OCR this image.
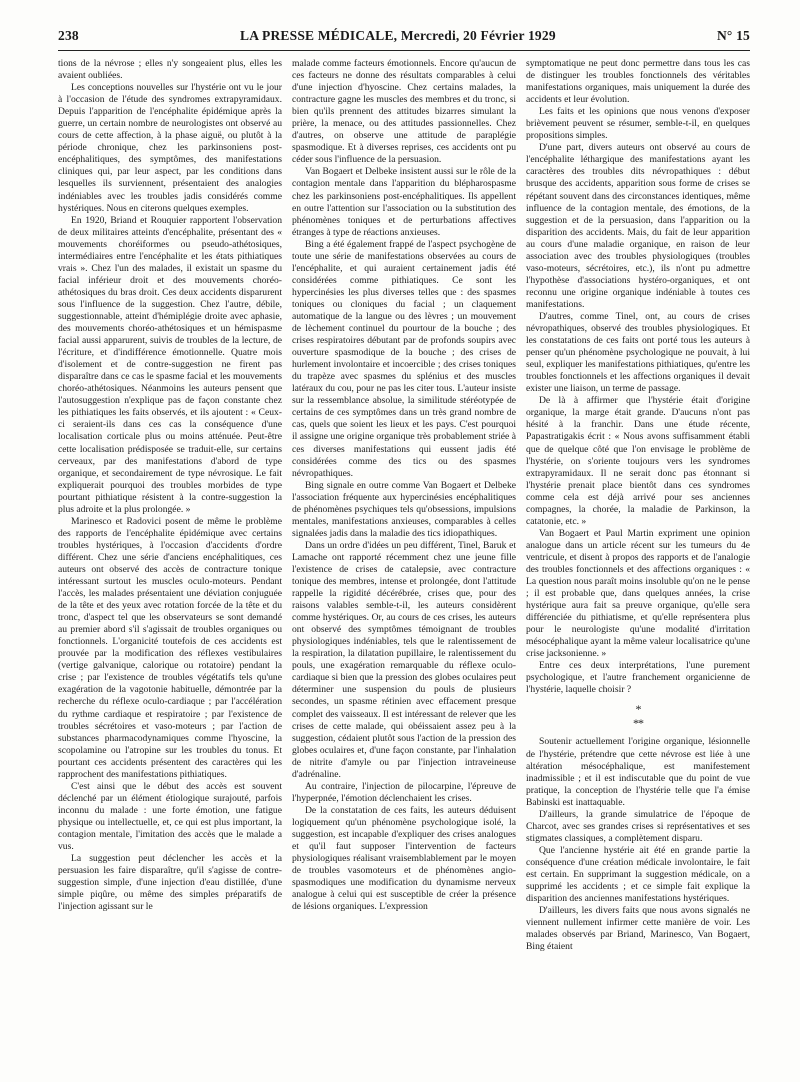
238	LA PRESSE MÉDICALE, Mercredi, 20 Février 1929	N° 15

tions de la névrose ; elles n'y songeaient plus, elles les avaient oubliées.

Les conceptions nouvelles sur l'hystérie ont vu le jour à l'occasion de l'étude des syndromes extrapyramidaux. Depuis l'apparition de l'encéphalite épidémique après la guerre, un certain nombre de neurologistes ont observé au cours de cette affection, à la phase aiguë, ou plutôt à la période chronique, chez les parkinsoniens post-encéphalitiques, des symptômes, des manifestations cliniques qui, par leur aspect, par les conditions dans lesquelles ils surviennent, présentaient des analogies indéniables avec les troubles jadis considérés comme hystériques. Nous en citerons quelques exemples.

En 1920, Briand et Rouquier rapportent l'observation de deux militaires atteints d'encéphalite, présentant des « mouvements choréiformes ou pseudo-athétosiques, intermédiaires entre l'encéphalite et les états pithiatiques vrais ». Chez l'un des malades, il existait un spasme du facial inférieur droit et des mouvements choréo-athétosiques du bras droit. Ces deux accidents disparurent sous l'influence de la suggestion. Chez l'autre, débile, suggestionnable, atteint d'hémiplégie droite avec aphasie, des mouvements choréo-athétosiques et un hémispasme facial aussi apparurent, suivis de troubles de la lecture, de l'écriture, et d'indifférence émotionnelle. Quatre mois d'isolement et de contre-suggestion ne firent pas disparaître dans ce cas le spasme facial et les mouvements choréo-athétosiques. Néanmoins les auteurs pensent que l'autosuggestion n'explique pas de façon constante chez les pithiatiques les faits observés, et ils ajoutent : « Ceux-ci seraient-ils dans ces cas la conséquence d'une localisation corticale plus ou moins atténuée. Peut-être cette localisation prédisposée se traduit-elle, sur certains cerveaux, par des manifestations d'abord de type organique, et secondairement de type névrosique. Le fait expliquerait pourquoi des troubles morbides de type pourtant pithiatique résistent à la contre-suggestion la plus adroite et la plus prolongée. »

Marinesco et Radovici posent de même le problème des rapports de l'encéphalite épidémique avec certains troubles hystériques, à l'occasion d'accidents d'ordre différent. Chez une série d'anciens encéphalitiques, ces auteurs ont observé des accès de contracture tonique intéressant surtout les muscles oculo-moteurs. Pendant l'accès, les malades présentaient une déviation conjuguée de la tête et des yeux avec rotation forcée de la tête et du tronc, d'aspect tel que les observateurs se sont demandé au premier abord s'il s'agissait de troubles organiques ou fonctionnels. L'organicité toutefois de ces accidents est prouvée par la modification des réflexes vestibulaires (vertige galvanique, calorique ou rotatoire) pendant la crise ; par l'existence de troubles végétatifs tels qu'une exagération de la vagotonie habituelle, démontrée par la recherche du réflexe oculo-cardiaque ; par l'accélération du rythme cardiaque et respiratoire ; par l'existence de troubles sécrétoires et vaso-moteurs ; par l'action de substances pharmacodynamiques comme l'hyoscine, la scopolamine ou l'atropine sur les troubles du tonus. Et pourtant ces accidents présentent des caractères qui les rapprochent des manifestations pithiatiques.

C'est ainsi que le début des accès est souvent déclenché par un élément étiologique surajouté, parfois inconnu du malade : une forte émotion, une fatigue physique ou intellectuelle, et, ce qui est plus important, la contagion mentale, l'imitation des accès que le malade a vus.

La suggestion peut déclencher les accès et la persuasion les faire disparaître, qu'il s'agisse de contre-suggestion simple, d'une injection d'eau distillée, d'une simple piqûre, ou même des simples préparatifs de l'injection agissant sur le

malade comme facteurs émotionnels. Encore qu'aucun de ces facteurs ne donne des résultats comparables à celui d'une injection d'hyoscine. Chez certains malades, la contracture gagne les muscles des membres et du tronc, si bien qu'ils prennent des attitudes bizarres simulant la prière, la menace, ou des attitudes passionnelles. Chez d'autres, on observe une attitude de paraplégie spasmodique. Et à diverses reprises, ces accidents ont pu céder sous l'influence de la persuasion.

Van Bogaert et Delbeke insistent aussi sur le rôle de la contagion mentale dans l'apparition du blépharospasme chez les parkinsoniens post-encéphalitiques. Ils appellent en outre l'attention sur l'association ou la substitution des phénomènes toniques et de perturbations affectives étranges à type de réactions anxieuses.

Bing a été également frappé de l'aspect psychogène de toute une série de manifestations observées au cours de l'encéphalite, et qui auraient certainement jadis été considérées comme pithiatiques. Ce sont les hypercinésies les plus diverses telles que : des spasmes toniques ou cloniques du facial ; un claquement automatique de la langue ou des lèvres ; un mouvement de lèchement continuel du pourtour de la bouche ; des crises respiratoires débutant par de profonds soupirs avec ouverture spasmodique de la bouche ; des crises de hurlement involontaire et incoercible ; des crises toniques du trapèze avec spasmes du splénius et des muscles latéraux du cou, pour ne pas les citer tous. L'auteur insiste sur la ressemblance absolue, la similitude stéréotypée de certains de ces symptômes dans un très grand nombre de cas, quels que soient les lieux et les pays. C'est pourquoi il assigne une origine organique très probablement striée à ces diverses manifestations qui eussent jadis été considérées comme des tics ou des spasmes névropathiques.

Bing signale en outre comme Van Bogaert et Delbeke l'association fréquente aux hypercinésies encéphalitiques de phénomènes psychiques tels qu'obsessions, impulsions mentales, manifestations anxieuses, comparables à celles signalées jadis dans la maladie des tics idiopathiques.

Dans un ordre d'idées un peu différent, Tinel, Baruk et Lamache ont rapporté récemment chez une jeune fille l'existence de crises de catalepsie, avec contracture tonique des membres, intense et prolongée, dont l'attitude rappelle la rigidité décérébrée, crises que, pour des raisons valables semble-t-il, les auteurs considèrent comme hystériques. Or, au cours de ces crises, les auteurs ont observé des symptômes témoignant de troubles physiologiques indéniables, tels que le ralentissement de la respiration, la dilatation pupillaire, le ralentissement du pouls, une exagération remarquable du réflexe oculo-cardiaque si bien que la pression des globes oculaires peut déterminer une suspension du pouls de plusieurs secondes, un spasme rétinien avec effacement presque complet des vaisseaux. Il est intéressant de relever que les crises de cette malade, qui obéissaient assez peu à la suggestion, cédaient plutôt sous l'action de la pression des globes oculaires et, d'une façon constante, par l'inhalation de nitrite d'amyle ou par l'injection intraveineuse d'adrénaline.

Au contraire, l'injection de pilocarpine, l'épreuve de l'hyperpnée, l'émotion déclenchaient les crises.

De la constatation de ces faits, les auteurs déduisent logiquement qu'un phénomène psychologique isolé, la suggestion, est incapable d'expliquer des crises analogues et qu'il faut supposer l'intervention de facteurs physiologiques réalisant vraisemblablement par le moyen de troubles vasomoteurs et de phénomènes angio-spasmodiques une modification du dynamisme nerveux analogue à celui qui est susceptible de créer la présence de lésions organiques. L'expression

symptomatique ne peut donc permettre dans tous les cas de distinguer les troubles fonctionnels des véritables manifestations organiques, mais uniquement la durée des accidents et leur évolution.

Les faits et les opinions que nous venons d'exposer brièvement peuvent se résumer, semble-t-il, en quelques propositions simples.

D'une part, divers auteurs ont observé au cours de l'encéphalite léthargique des manifestations ayant les caractères des troubles dits névropathiques : début brusque des accidents, apparition sous forme de crises se répétant souvent dans des circonstances identiques, même influence de la contagion mentale, des émotions, de la suggestion et de la persuasion, dans l'apparition ou la disparition des accidents. Mais, du fait de leur apparition au cours d'une maladie organique, en raison de leur association avec des troubles physiologiques (troubles vaso-moteurs, sécrétoires, etc.), ils n'ont pu admettre l'hypothèse d'associations hystéro-organiques, et ont reconnu une origine organique indéniable à toutes ces manifestations.

D'autres, comme Tinel, ont, au cours de crises névropathiques, observé des troubles physiologiques. Et les constatations de ces faits ont porté tous les auteurs à penser qu'un phénomène psychologique ne pouvait, à lui seul, expliquer les manifestations pithiatiques, qu'entre les troubles fonctionnels et les affections organiques il devait exister une liaison, un terme de passage.

De là à affirmer que l'hystérie était d'origine organique, la marge était grande. D'aucuns n'ont pas hésité à la franchir. Dans une étude récente, Papastratigakis écrit : « Nous avons suffisamment établi que de quelque côté que l'on envisage le problème de l'hystérie, on s'oriente toujours vers les syndromes extrapyramidaux. Il ne serait donc pas étonnant si l'hystérie prenait place bientôt dans ces syndromes comme cela est déjà arrivé pour ses anciennes compagnes, la chorée, la maladie de Parkinson, la catatonie, etc. »

Van Bogaert et Paul Martin expriment une opinion analogue dans un article récent sur les tumeurs du 4e ventricule, et disent à propos des rapports et de l'analogie des troubles fonctionnels et des affections organiques : « La question nous paraît moins insoluble qu'on ne le pense ; il est probable que, dans quelques années, la crise hystérique aura fait sa preuve organique, qu'elle sera différenciée du pithiatisme, et qu'elle représentera plus pour le neurologiste qu'une modalité d'irritation mésocéphalique ayant la même valeur localisatrice qu'une crise jacksonienne. »

Entre ces deux interprétations, l'une purement psychologique, et l'autre franchement organicienne de l'hystérie, laquelle choisir ?

*
**

Soutenir actuellement l'origine organique, lésionnelle de l'hystérie, prétendre que cette névrose est liée à une altération mésocéphalique, est manifestement inadmissible ; et il est indiscutable que du point de vue pratique, la conception de l'hystérie telle que l'a émise Babinski est inattaquable.

D'ailleurs, la grande simulatrice de l'époque de Charcot, avec ses grandes crises si représentatives et ses stigmates classiques, a complètement disparu.

Que l'ancienne hystérie ait été en grande partie la conséquence d'une création médicale involontaire, le fait est certain. En supprimant la suggestion médicale, on a supprimé les accidents ; et ce simple fait explique la disparition des anciennes manifestations hystériques.

D'ailleurs, les divers faits que nous avons signalés ne viennent nullement infirmer cette manière de voir. Les malades observés par Briand, Marinesco, Van Bogaert, Bing étaient
